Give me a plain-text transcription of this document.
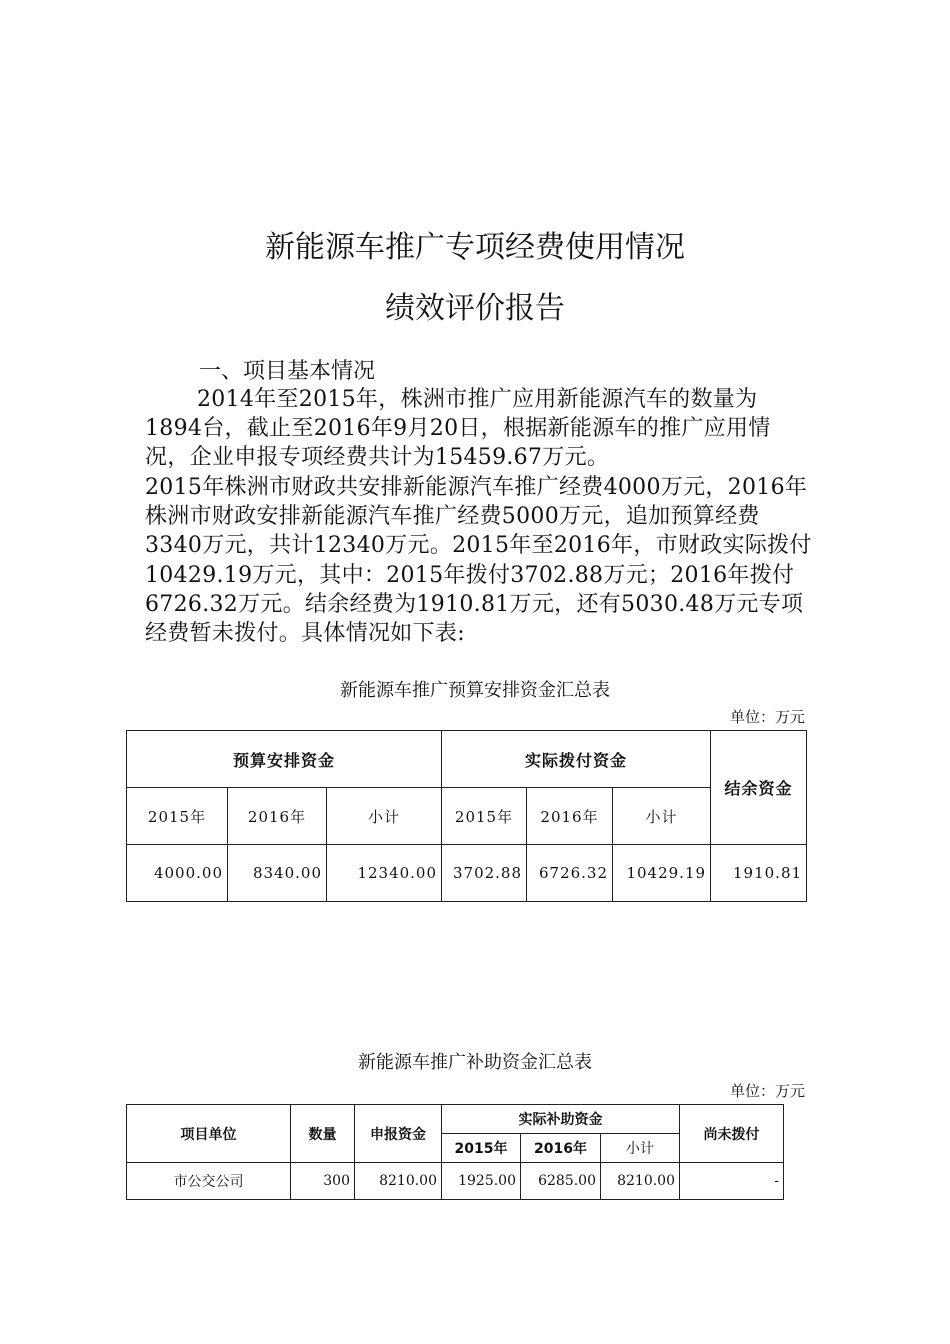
新能源车推广专项经费使用情况
绩效评价报告
一、项目基本情况
2014年至2015年，株洲市推广应用新能源汽车的数量为1894台，截止至2016年9月20日，根据新能源车的推广应用情况，企业申报专项经费共计为15459.67万元。
2015年株洲市财政共安排新能源汽车推广经费4000万元，2016年株洲市财政安排新能源汽车推广经费5000万元，追加预算经费3340万元，共计12340万元。2015年至2016年，市财政实际拨付 10429.19万元，其中：2015年拨付3702.88万元；2016年拨付6726.32万元。结余经费为1910.81万元，还有5030.48万元专项经费暂未拨付。具体情况如下表:
新能源车推广预算安排资金汇总表
单位：万元
预算安排资金			实际拨付资金			结余资金
2015年	2016年	小计	2015年	2016年	小计	
4000.00	8340.00	12340.00	3702.88	6726.32	10429.19	1910.81
新能源车推广补助资金汇总表
单位：万元
项目单位	数量	申报资金	实际补助资金			尚未拨付
			2015年	2016年	小计	
市公交公司	300	8210.00	1925.00	6285.00	8210.00	-
